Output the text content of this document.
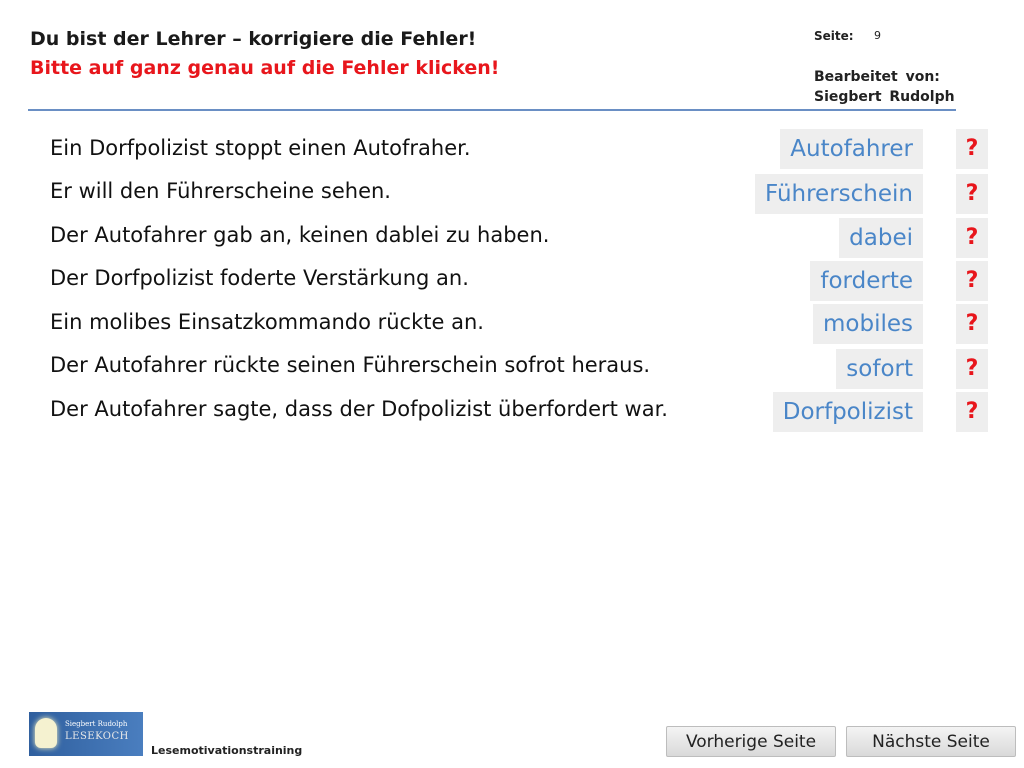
Du bist der Lehrer – korrigiere die Fehler!
Bitte auf ganz genau auf die Fehler klicken!
Seite: 9
Bearbeitet von:
Siegbert Rudolph
Ein Dorfpolizist stoppt einen Autofraher.
Er will den Führerscheine sehen.
Der Autofahrer gab an, keinen dablei zu haben.
Der Dorfpolizist foderte Verstärkung an.
Ein molibes Einsatzkommando rückte an.
Der Autofahrer rückte seinen Führerschein sofrot heraus.
Der Autofahrer sagte, dass der Dofpolizist überfordert war.
Autofahrer
Führerschein
dabei
forderte
mobiles
sofort
Dorfpolizist
?
?
?
?
?
?
?
Siegbert Rudolph
LESEKOCH
Lesemotivationstraining	Vorherige Seite	Nächste Seite
